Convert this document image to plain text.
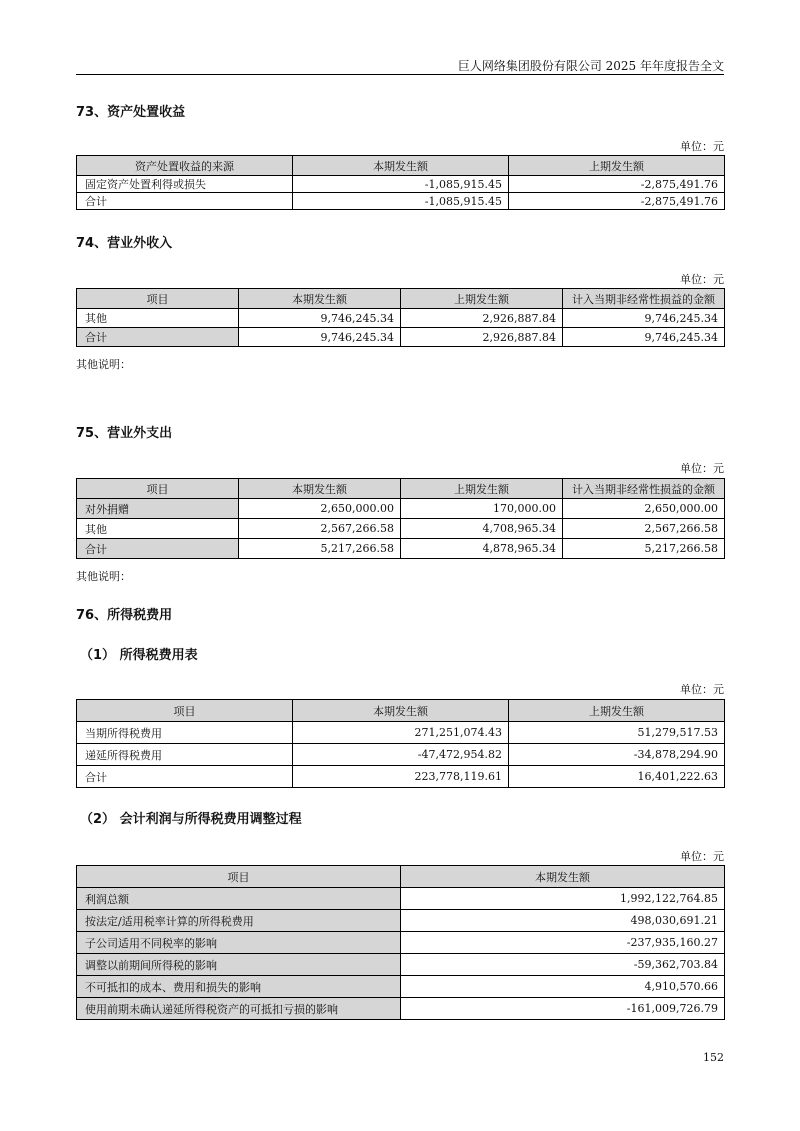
巨人网络集团股份有限公司 2025 年年度报告全文
73、资产处置收益
单位：元
资产处置收益的来源	本期发生额	上期发生额
固定资产处置利得或损失	-1,085,915.45	-2,875,491.76
合计	-1,085,915.45	-2,875,491.76
74、营业外收入
单位：元
项目	本期发生额	上期发生额	计入当期非经常性损益的金额
其他	9,746,245.34	2,926,887.84	9,746,245.34
合计	9,746,245.34	2,926,887.84	9,746,245.34
其他说明：
75、营业外支出
单位：元
项目	本期发生额	上期发生额	计入当期非经常性损益的金额
对外捐赠	2,650,000.00	170,000.00	2,650,000.00
其他	2,567,266.58	4,708,965.34	2,567,266.58
合计	5,217,266.58	4,878,965.34	5,217,266.58
其他说明：
76、所得税费用
（1） 所得税费用表
单位：元
项目	本期发生额	上期发生额
当期所得税费用	271,251,074.43	51,279,517.53
递延所得税费用	-47,472,954.82	-34,878,294.90
合计	223,778,119.61	16,401,222.63
（2） 会计利润与所得税费用调整过程
单位：元
项目	本期发生额
利润总额	1,992,122,764.85
按法定/适用税率计算的所得税费用	498,030,691.21
子公司适用不同税率的影响	-237,935,160.27
调整以前期间所得税的影响	-59,362,703.84
不可抵扣的成本、费用和损失的影响	4,910,570.66
使用前期未确认递延所得税资产的可抵扣亏损的影响	-161,009,726.79
152
